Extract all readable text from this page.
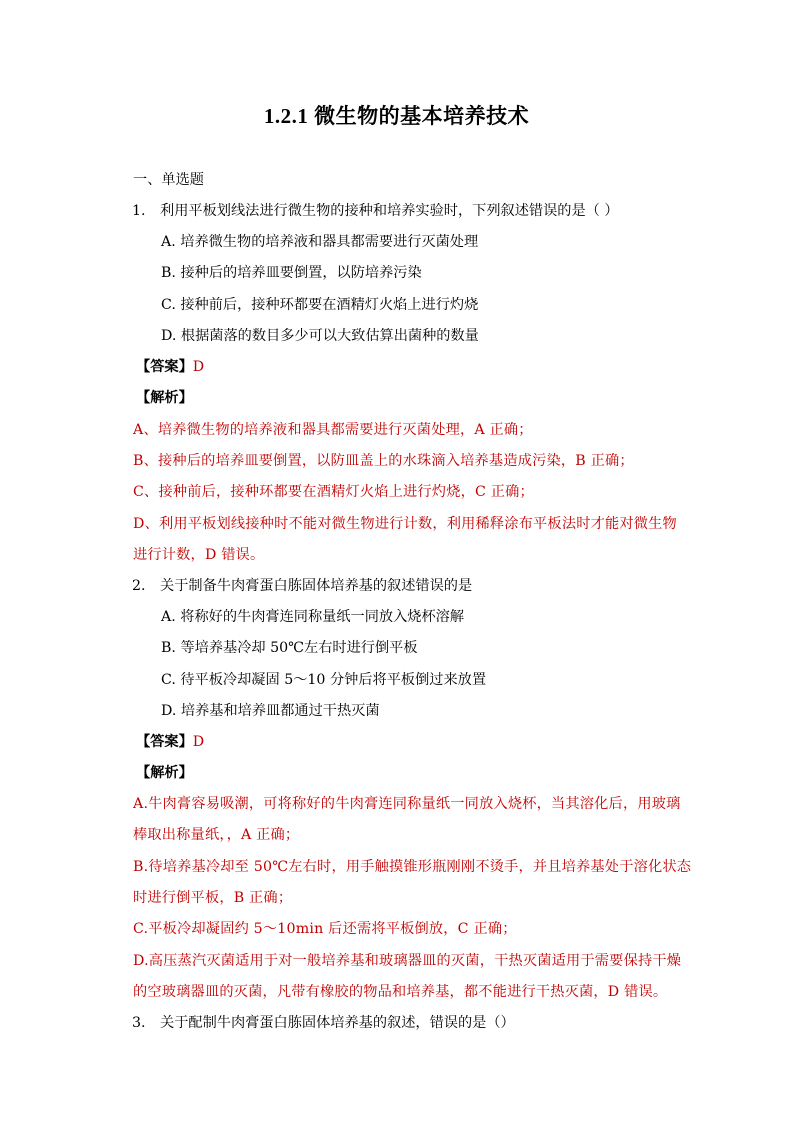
1.2.1 微生物的基本培养技术
一、单选题
1. 利用平板划线法进行微生物的接种和培养实验时，下列叙述错误的是（ ）
A. 培养微生物的培养液和器具都需要进行灭菌处理
B. 接种后的培养皿要倒置，以防培养污染
C. 接种前后，接种环都要在酒精灯火焰上进行灼烧
D. 根据菌落的数目多少可以大致估算出菌种的数量
【答案】D
【解析】
A、培养微生物的培养液和器具都需要进行灭菌处理，A 正确；
B、接种后的培养皿要倒置，以防皿盖上的水珠滴入培养基造成污染，B 正确；
C、接种前后，接种环都要在酒精灯火焰上进行灼烧，C 正确；
D、利用平板划线接种时不能对微生物进行计数，利用稀释涂布平板法时才能对微生物
进行计数，D 错误。
2. 关于制备牛肉膏蛋白胨固体培养基的叙述错误的是
A. 将称好的牛肉膏连同称量纸一同放入烧杯溶解
B. 等培养基冷却 50℃左右时进行倒平板
C. 待平板冷却凝固 5～10 分钟后将平板倒过来放置
D. 培养基和培养皿都通过干热灭菌
【答案】D
【解析】
A.牛肉膏容易吸潮，可将称好的牛肉膏连同称量纸一同放入烧杯，当其溶化后，用玻璃
棒取出称量纸，，A 正确；
B.待培养基冷却至 50℃左右时，用手触摸锥形瓶刚刚不烫手，并且培养基处于溶化状态
时进行倒平板，B 正确；
C.平板冷却凝固约 5～10min 后还需将平板倒放，C 正确；
D.高压蒸汽灭菌适用于对一般培养基和玻璃器皿的灭菌，干热灭菌适用于需要保持干燥
的空玻璃器皿的灭菌，凡带有橡胶的物品和培养基，都不能进行干热灭菌，D 错误。
3. 关于配制牛肉膏蛋白胨固体培养基的叙述，错误的是（）
